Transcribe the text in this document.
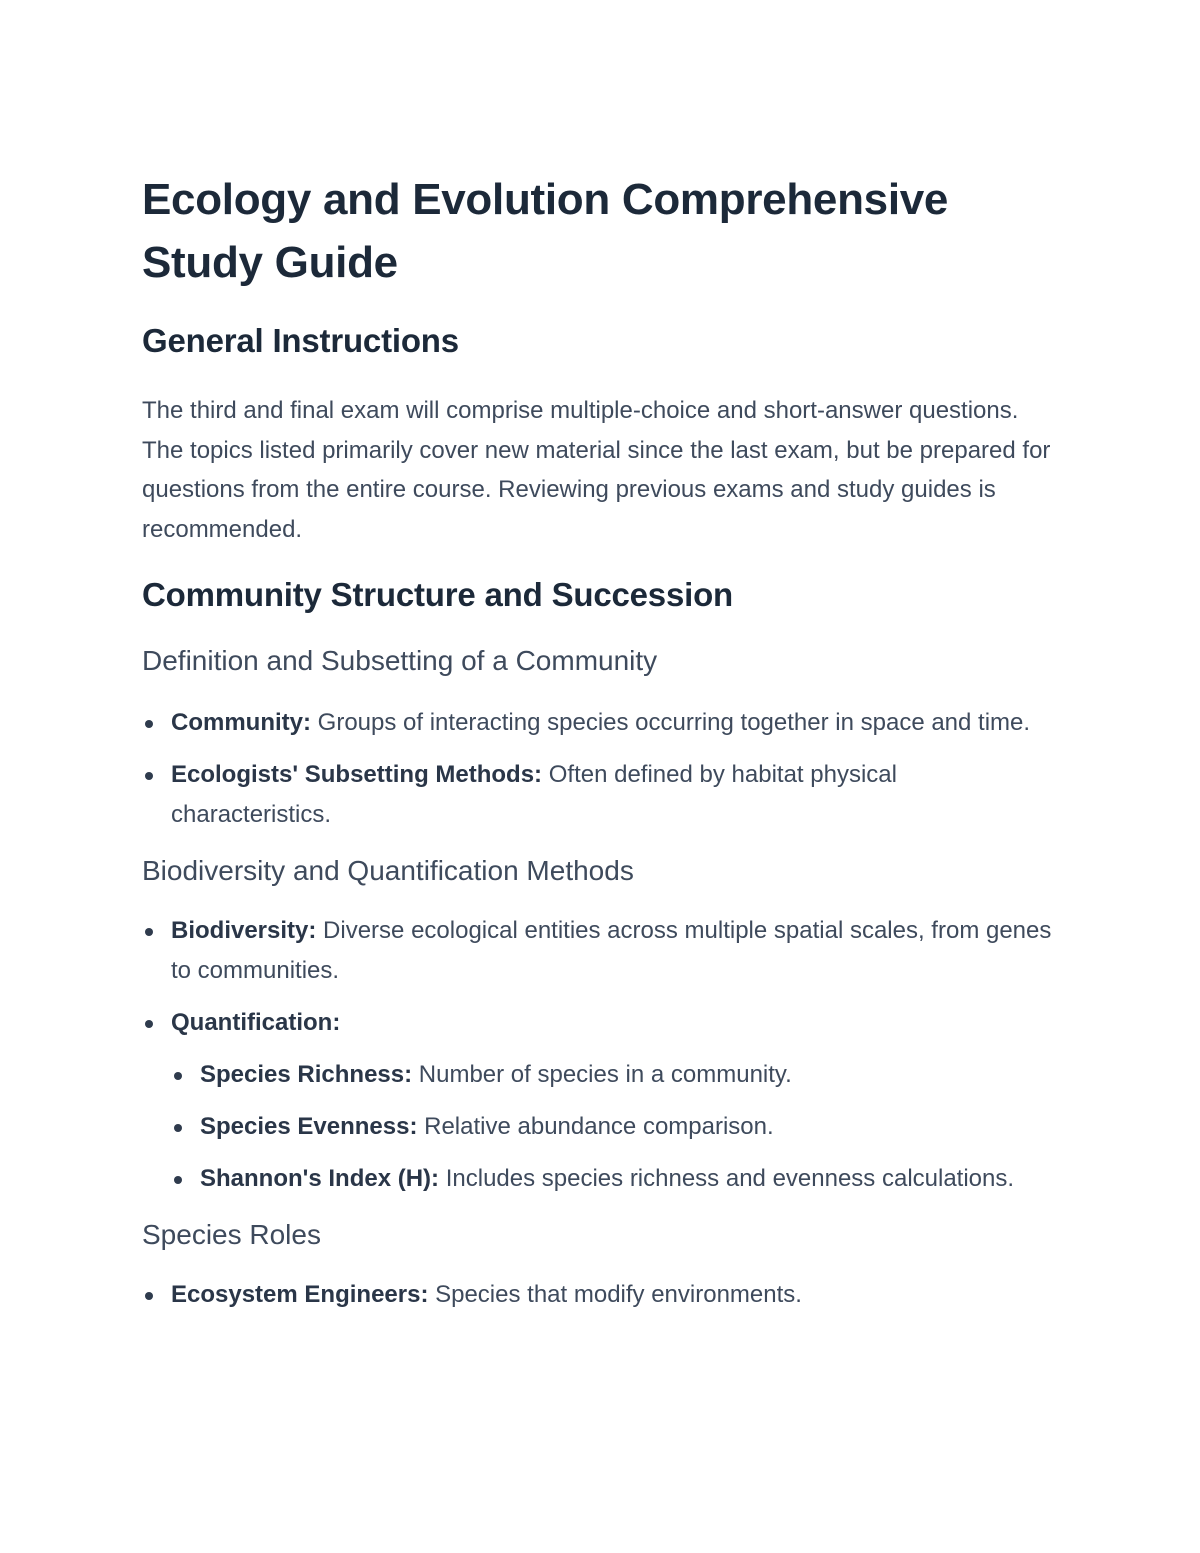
Ecology and Evolution Comprehensive Study Guide
General Instructions

The third and final exam will comprise multiple-choice and short-answer questions. The topics listed primarily cover new material since the last exam, but be prepared for questions from the entire course. Reviewing previous exams and study guides is recommended.

Community Structure and Succession
Definition and Subsetting of a Community
Community: Groups of interacting species occurring together in space and time.
Ecologists' Subsetting Methods: Often defined by habitat physical characteristics.
Biodiversity and Quantification Methods
Biodiversity: Diverse ecological entities across multiple spatial scales, from genes to communities.
Quantification:
Species Richness: Number of species in a community.
Species Evenness: Relative abundance comparison.
Shannon's Index (H): Includes species richness and evenness calculations.
Species Roles
Ecosystem Engineers: Species that modify environments.
